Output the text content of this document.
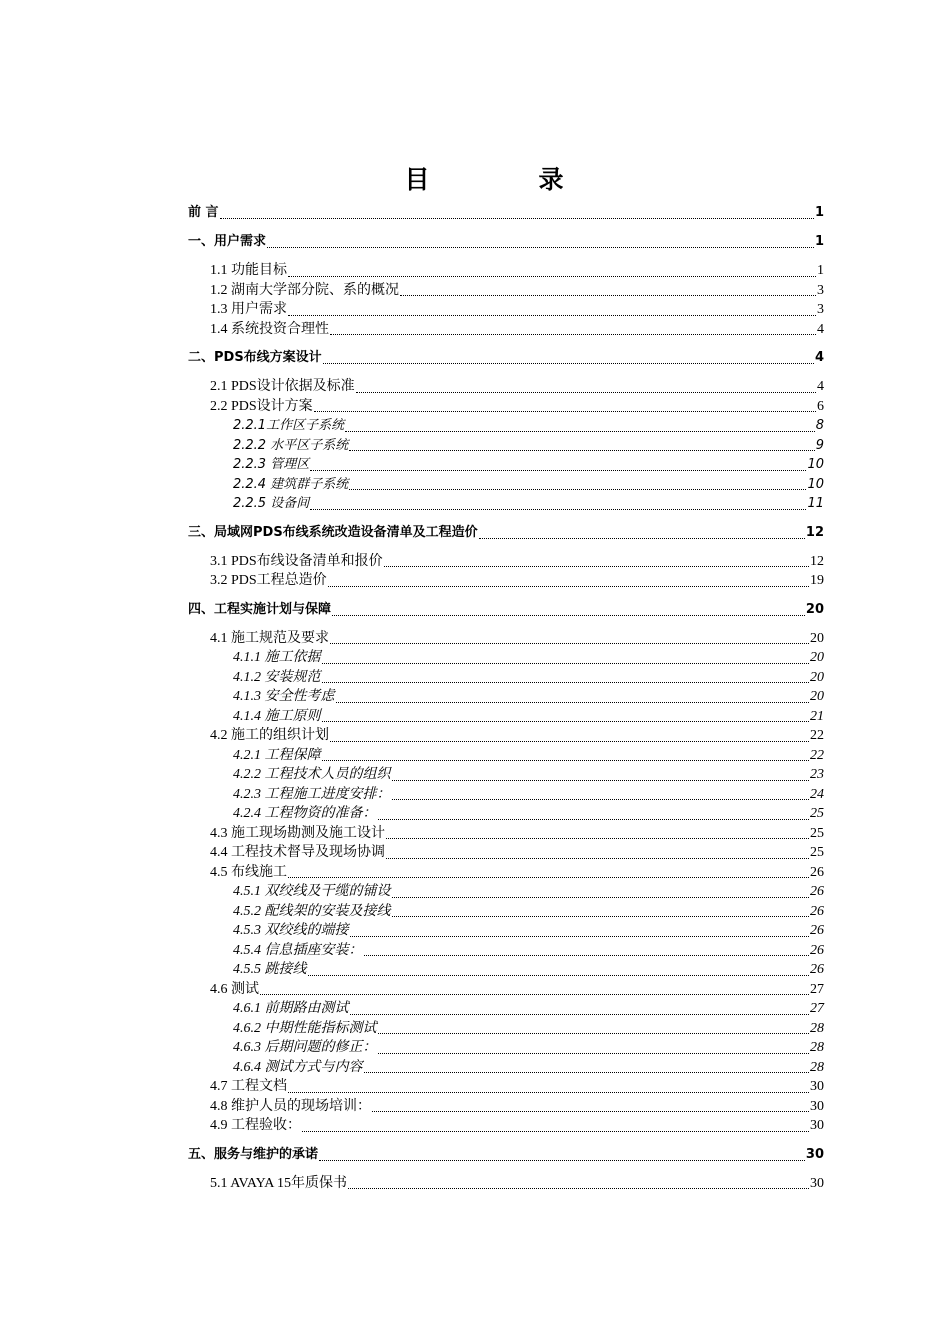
目　录
前 言	1
一、用户需求	1
1.1 功能目标	1
1.2 湖南大学部分院、系的概况	3
1.3 用户需求	3
1.4 系统投资合理性	4
二、PDS布线方案设计	4
2.1 PDS设计依据及标准	4
2.2 PDS设计方案	6
2.2.1工作区子系统	8
2.2.2 水平区子系统	9
2.2.3 管理区	10
2.2.4 建筑群子系统	10
2.2.5 设备间	11
三、局域网PDS布线系统改造设备清单及工程造价	12
3.1 PDS布线设备清单和报价	12
3.2 PDS工程总造价	19
四、工程实施计划与保障	20
4.1 施工规范及要求	20
4.1.1 施工依据	20
4.1.2 安装规范	20
4.1.3 安全性考虑	20
4.1.4 施工原则	21
4.2 施工的组织计划	22
4.2.1 工程保障	22
4.2.2 工程技术人员的组织	23
4.2.3 工程施工进度安排：	24
4.2.4 工程物资的准备：	25
4.3 施工现场勘测及施工设计	25
4.4 工程技术督导及现场协调	25
4.5 布线施工	26
4.5.1 双绞线及干缆的铺设	26
4.5.2 配线架的安装及接线	26
4.5.3 双绞线的端接	26
4.5.4 信息插座安装：	26
4.5.5 跳接线	26
4.6 测试	27
4.6.1 前期路由测试	27
4.6.2 中期性能指标测试	28
4.6.3 后期问题的修正：	28
4.6.4 测试方式与内容	28
4.7 工程文档	30
4.8 维护人员的现场培训：	30
4.9 工程验收：	30
五、服务与维护的承诺	30
5.1 AVAYA 15年质保书	30
